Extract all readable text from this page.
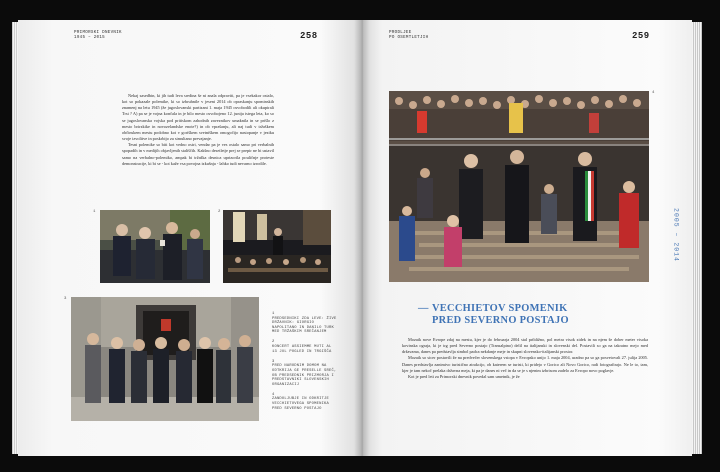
PRIMORSKI DNEVNIK
1945 – 2015	258

Nekaj sasedbin, ki jih tudi leva sredina še ni znala odpraviti, pa je vsekakor ostalo, kot so pokazale polemike, ki so izbruhnile v jeseni 2014 ob opraskanju spominskih znamenj na letu 1945 (že jugoslovanski partizani 1. maja 1945 osvobodili ali okupirali Trst ? A) pa se je vojna končala in je bilo mesto osvobojeno 12. junija istega leta, ko so se jugoslovanska vojska pod pritiskom zahodnih zaveznikov umaknila in se prišlo z mesto brirzkike in novozelandske enote?) in ob vprašanju, ali naj tudi v tržaškem občinskem mestu podobno kot v goriškem svetniškem omogočijo nastopanje v jeziku svoje izvolitve in poskrbijo za simultano prevajanje.

Tesni polemike so biti kot vedno ostri, vendar pa je ves ostalo samo pri verbalnih spopadih in v medijih objavljenih stališčih. Kakšno desetletje prej se prepir ne bi ustavil samo na verbalno-polemiko, ampak bi tržaška desnica uprizorila pouličnje proteste demonstracije, ki bi se - kot kaže vsa povojna izkušnja - lahko tudi nevarno izrodile.

1	2
3
1
PREDSEDNIKI ZDA LEVE: ŽIVE DRŽAVNIK: GIORGIO NAPOLITANO IN DANILO TURK MED TRŽAŠKIM SREČANJEM
2
KONCERT ASSIEMME MUTI AL 13 JUL POGLED IN TRGIŠČA
3
PRED NARODNIM DOMOM NA ODTKRIJA GE PRESELLE SREČ, OB PREDSEDNIK PRIZMORJA I PREDSTAVNIKI SLOVENSKIH ORGANIZACIJ
4
ZANDOLJUBJE IN ODKRITJE VECCHIETOVEGA SPOMENIKA PRED SEVERNO POSTAJO
PRODLJEE
PO OSEMTLETJIH	259
4
2005 – 2014
— VECCHIETOV SPOMENIK
PRED SEVERNO POSTAJO

Mozaik nove Evrope zdaj na mestu, kjer je do februarja 2004 stal približno, pol metra visok zidek in na njem še dober meter visoka kovinska ograja, ki je trg pred Severno postajo (Transalpino) delil na italijanski in slovenski del. Postavili so ga na takratno mejo med državama, danes pa predstavlja simbol padca nekdanje meje in skupni slovensko-italijanski prostor.

Mozaik so sicer postavili že na predvečer slovenskega vstopa v Evropsko unijo 1. maja 2004, uradno pa so ga posvetovali 27. julija 2005. Danes predstavlja zanimivo turistično atrakcijo, ob katerem se turisti, ki pridejo v Gorico ali Novo Gorico, radi fotografirajo. Ne le to, tam, kjer je tam nekoč prelaka državna meja, ki pa je danes ni več in da se je s njenim izbrisom zadelo za Evropo novo poglavje.

Kot je pred leti za Primorski dnevnik povedal sam umetnik, je že
